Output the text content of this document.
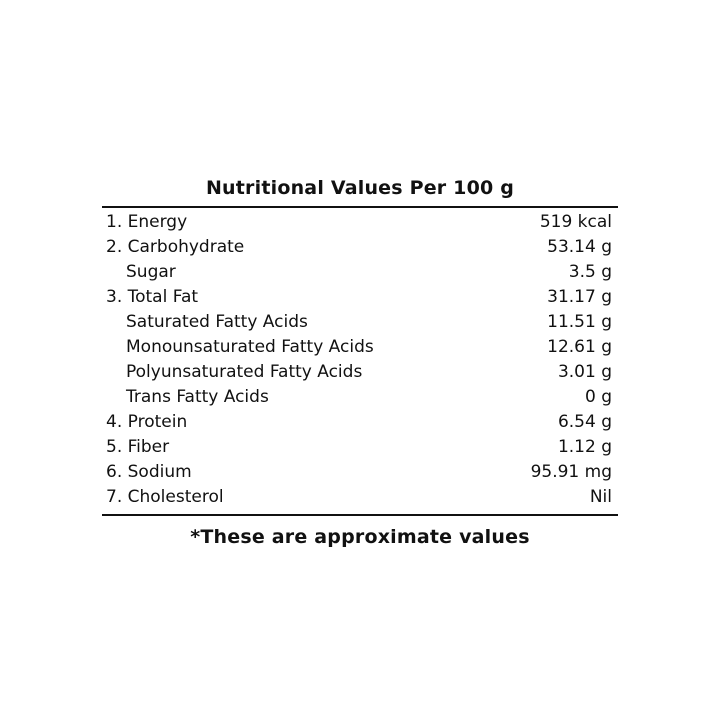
Nutritional Values Per 100 g
1. Energy	519 kcal
2. Carbohydrate	53.14 g
Sugar	3.5 g
3. Total Fat	31.17 g
Saturated Fatty Acids	11.51 g
Monounsaturated Fatty Acids	12.61 g
Polyunsaturated Fatty Acids	3.01 g
Trans Fatty Acids	0 g
4. Protein	6.54 g
5. Fiber	1.12 g
6. Sodium	95.91 mg
7. Cholesterol	Nil
*These are approximate values
